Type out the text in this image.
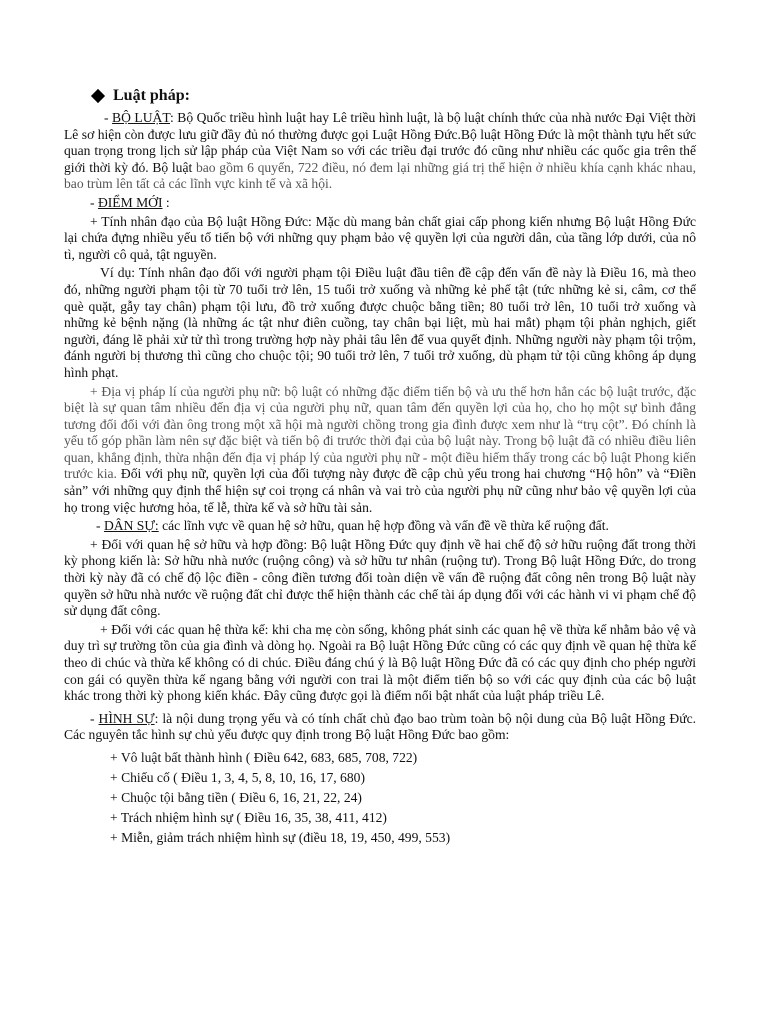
Luật pháp:

- BỘ LUẬT: Bộ Quốc triều hình luật hay Lê triều hình luật, là bộ luật chính thức của nhà nước Đại Việt thời Lê sơ hiện còn được lưu giữ đầy đủ nó thường được gọi Luật Hồng Đức.Bộ luật Hồng Đức là một thành tựu hết sức quan trọng trong lịch sử lập pháp của Việt Nam so với các triều đại trước đó cũng như nhiều các quốc gia trên thế giới thời kỳ đó. Bộ luật bao gồm 6 quyển, 722 điều, nó đem lại những giá trị thể hiện ở nhiều khía cạnh khác nhau, bao trùm lên tất cả các lĩnh vực kinh tế và xã hội.

- ĐIỂM MỚI :

+ Tính nhân đạo của Bộ luật Hồng Đức: Mặc dù mang bản chất giai cấp phong kiến nhưng Bộ luật Hồng Đức lại chứa đựng nhiều yếu tố tiến bộ với những quy phạm bảo vệ quyền lợi của người dân, của tầng lớp dưới, của nô tì, người cô quả, tật nguyền.

Ví dụ: Tính nhân đạo đối với người phạm tội Điều luật đầu tiên đề cập đến vấn đề này là Điều 16, mà theo đó, những người phạm tội từ 70 tuổi trở lên, 15 tuổi trở xuống và những kẻ phế tật (tức những kẻ si, câm, cơ thể què quặt, gẫy tay chân) phạm tội lưu, đồ trở xuống được chuộc bằng tiền; 80 tuổi trở lên, 10 tuổi trở xuống và những kẻ bệnh nặng (là những ác tật như điên cuồng, tay chân bại liệt, mù hai mắt) phạm tội phản nghịch, giết người, đáng lẽ phải xử tử thì trong trường hợp này phải tâu lên để vua quyết định. Những người này phạm tội trộm, đánh người bị thương thì cũng cho chuộc tội; 90 tuổi trở lên, 7 tuổi trở xuống, dù phạm tử tội cũng không áp dụng hình phạt.

+ Địa vị pháp lí của người phụ nữ: bộ luật có những đặc điểm tiến bộ và ưu thế hơn hẳn các bộ luật trước, đặc biệt là sự quan tâm nhiều đến địa vị của người phụ nữ, quan tâm đến quyền lợi của họ, cho họ một sự bình đẳng tương đối đối với đàn ông trong một xã hội mà người chồng trong gia đình được xem như là “trụ cột”. Đó chính là yếu tố góp phần làm nên sự đặc biệt và tiến bộ đi trước thời đại của bộ luật này. Trong bộ luật đã có nhiều điều liên quan, khẳng định, thừa nhận đến địa vị pháp lý của người phụ nữ - một điều hiếm thấy trong các bộ luật Phong kiến trước kia. Đối với phụ nữ, quyền lợi của đối tượng này được đề cập chủ yếu trong hai chương “Hộ hôn” và “Điền sản” với những quy định thể hiện sự coi trọng cá nhân và vai trò của người phụ nữ cũng như bảo vệ quyền lợi của họ trong việc hương hỏa, tế lễ, thừa kế và sở hữu tài sản.

- DÂN SỰ: các lĩnh vực về quan hệ sở hữu, quan hệ hợp đồng và vấn đề về thừa kế ruộng đất.

+ Đối với quan hệ sở hữu và hợp đồng: Bộ luật Hồng Đức quy định về hai chế độ sở hữu ruộng đất trong thời kỳ phong kiến là: Sở hữu nhà nước (ruộng công) và sở hữu tư nhân (ruộng tư). Trong Bộ luật Hồng Đức, do trong thời kỳ này đã có chế độ lộc điền - công điền tương đối toàn diện về vấn đề ruộng đất công nên trong Bộ luật này quyền sở hữu nhà nước về ruộng đất chỉ được thể hiện thành các chế tài áp dụng đối với các hành vi vi phạm chế độ sử dụng đất công.

+ Đối với các quan hệ thừa kế: khi cha mẹ còn sống, không phát sinh các quan hệ về thừa kế nhằm bảo vệ và duy trì sự trường tồn của gia đình và dòng họ. Ngoài ra Bộ luật Hồng Đức cũng có các quy định về quan hệ thừa kế theo di chúc và thừa kế không có di chúc. Điều đáng chú ý là Bộ luật Hồng Đức đã có các quy định cho phép người con gái có quyền thừa kế ngang bằng với người con trai là một điểm tiến bộ so với các quy định của các bộ luật khác trong thời kỳ phong kiến khác. Đây cũng được gọi là điểm nổi bật nhất của luật pháp triều Lê.

- HÌNH SỰ: là nội dung trọng yếu và có tính chất chủ đạo bao trùm toàn bộ nội dung của Bộ luật Hồng Đức. Các nguyên tắc hình sự chủ yếu được quy định trong Bộ luật Hồng Đức bao gồm:

+ Vô luật bất thành hình ( Điều 642, 683, 685, 708, 722)
+ Chiếu cố ( Điều 1, 3, 4, 5, 8, 10, 16, 17, 680)
+ Chuộc tội bằng tiền ( Điều 6, 16, 21, 22, 24)
+ Trách nhiệm hình sự ( Điều 16, 35, 38, 411, 412)
+ Miễn, giảm trách nhiệm hình sự (điều 18, 19, 450, 499, 553)
